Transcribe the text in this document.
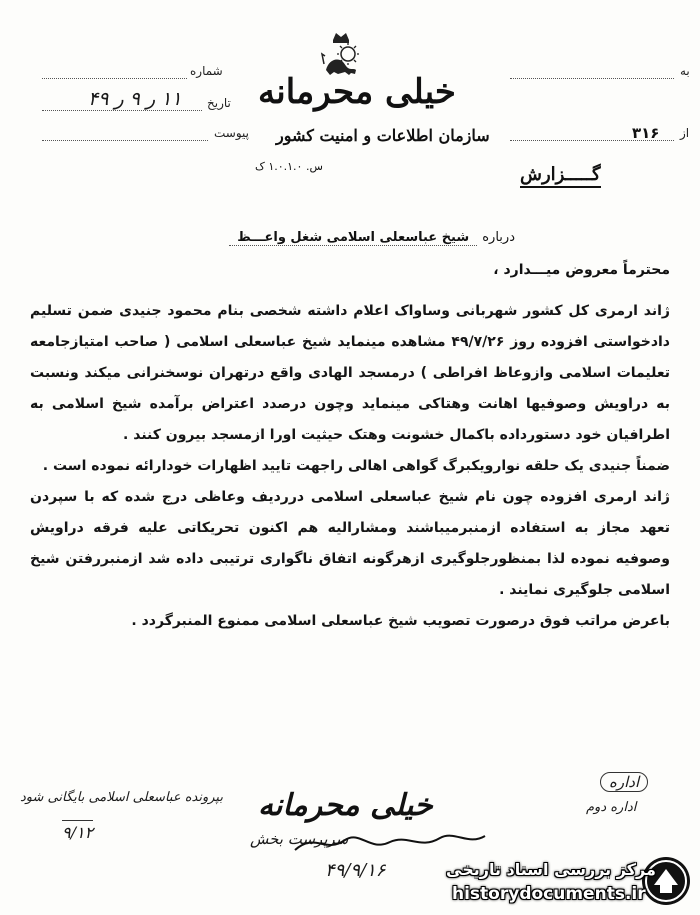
شماره
تاریخ
۱۱ ر ۹ ر ۴۹
پیوست
خیلی محرمانه
سازمان اطلاعات و امنیت کشور
س. ۱.۰.۱.۰ ک
به
از
۳۱۶
گـــــزارش
درباره شیخ عباسعلی اسلامی شغل واعـــظ
محترماً معروض میـــدارد ،

ژاند ارمری کل کشور شهربانی وساواک اعلام داشته شخصی بنام محمود جنیدی ضمن تسلیم دادخواستی افزوده روز ۴۹/۷/۲۶ مشاهده مینماید شیخ عباسعلی اسلامی ( صاحب امتیازجامعه تعلیمات اسلامی وازوعاظ افراطی ) درمسجد الهادی واقع درتهران نوسخنرانی میکند ونسبت به دراویش وصوفیها اهانت وهتاکی مینماید وچون درصدد اعتراض برآمده شیخ اسلامی به اطرافیان خود دستورداده باکمال خشونت وهتک حیثیت اورا ازمسجد بیرون کنند .

ضمناً جنیدی یک حلقه نوارویکبرگ گواهی اهالی راجهت تایید اظهارات خودارائه نموده است .

ژاند ارمری افزوده چون نام شیخ عباسعلی اسلامی درردیف وعاظی درج شده که با سپردن تعهد مجاز به استفاده ازمنبرمیباشند ومشارالیه هم اکنون تحریکاتی علیه فرقه دراویش وصوفیه نموده لذا بمنظورجلوگیری ازهرگونه اتفاق ناگواری ترتیبی داده شد ازمنبررفتن شیخ اسلامی جلوگیری نمایند .

باعرض مراتب فوق درصورت تصویب شیخ عباسعلی اسلامی ممنوع المنبرگردد .

بپرونده عباسعلی اسلامی بایگانی شود
۹/۱۲
اداره
اداره دوم
خیلی محرمانه
سرپرست بخش
۴۹/۹/۱۶	مرکز بررسی اسناد تاریخی
historydocuments.ir
